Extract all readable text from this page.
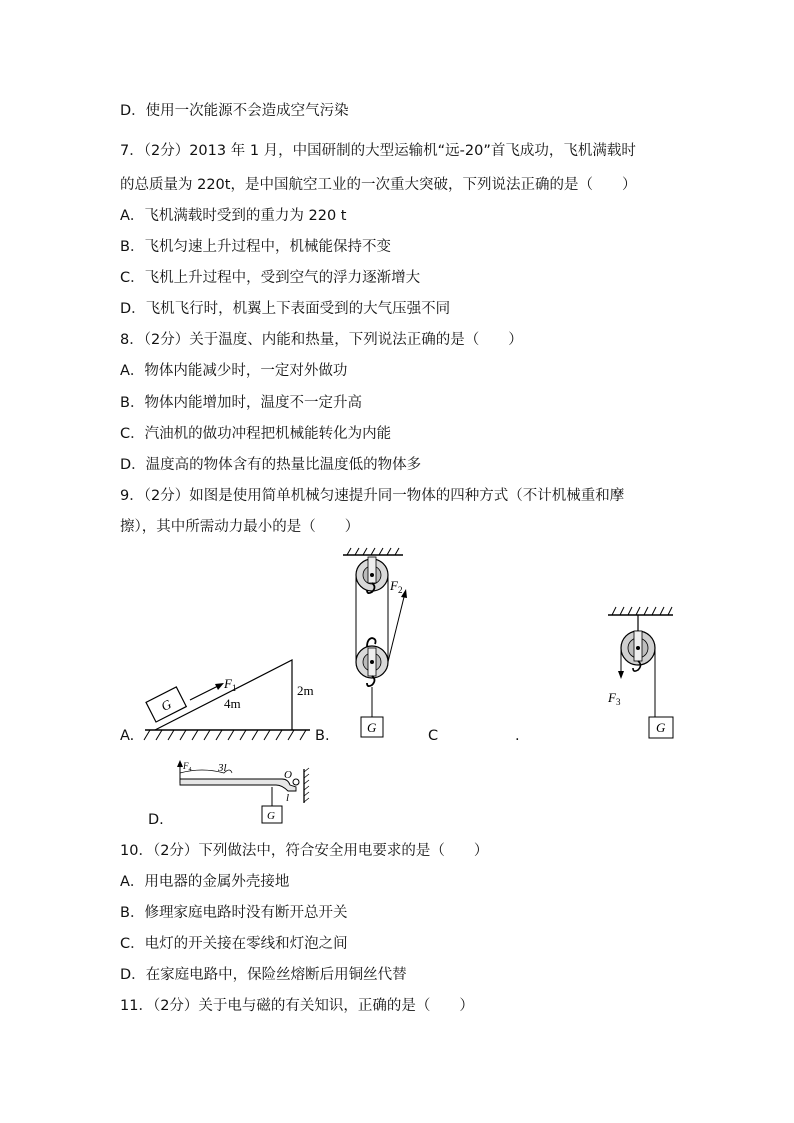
D．使用一次能源不会造成空气污染
7．（2分）2013 年 1 月，中国研制的大型运输机“远-20”首飞成功，飞机满载时
的总质量为 220t，是中国航空工业的一次重大突破，下列说法正确的是（　　）
A．飞机满载时受到的重力为 220 t
B．飞机匀速上升过程中，机械能保持不变
C．飞机上升过程中，受到空气的浮力逐渐增大
D．飞机飞行时，机翼上下表面受到的大气压强不同
8．（2分）关于温度、内能和热量，下列说法正确的是（　　）
A．物体内能减少时，一定对外做功
B．物体内能增加时，温度不一定升高
C．汽油机的做功冲程把机械能转化为内能
D．温度高的物体含有的热量比温度低的物体多
9．（2分）如图是使用简单机械匀速提升同一物体的四种方式（不计机械重和摩
擦），其中所需动力最小的是（　　）
A.	B.	C	.
D.
G
$F_1$
4m
2m
$F_2$
G
$F_3$
G
$F_4$ 3l
O
l
G
10．（2分）下列做法中，符合安全用电要求的是（　　）
A．用电器的金属外壳接地
B．修理家庭电路时没有断开总开关
C．电灯的开关接在零线和灯泡之间
D．在家庭电路中，保险丝熔断后用铜丝代替
11．（2分）关于电与磁的有关知识，正确的是（　　）
